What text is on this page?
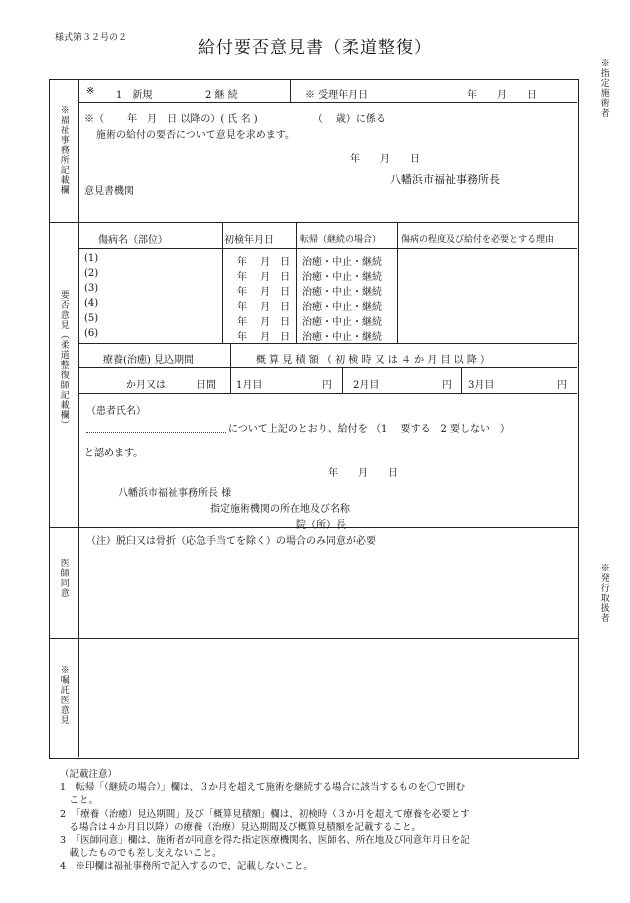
様式第３２号の２	給付要否意見書（柔道整復）
※指定施術者
※発行取扱者
※福祉事務所記載欄
※ 1　新規	2 継 続	※ 受理年月日	年　　月　　日
※（　　 年　月　日 以降の）( 氏 名 )　　　　　　（　 歳）に係る
施術の給付の要否について意見を求めます。
年　　月　　日
八幡浜市福祉事務所長
意見書機関
要否意見（柔道整復師記載欄）
傷病名（部位）	初検年月日	転帰（継続の場合） 傷病の程度及び給付を必要とする理由
(1)	年　 月　日 治癒・中止・継続
(2)	年　 月　日 治癒・中止・継続
(3)	年　 月　日 治癒・中止・継続
(4)	年　 月　日 治癒・中止・継続
(5)	年　 月　日 治癒・中止・継続
(6)	年　 月　日 治癒・中止・継続
療養(治癒) 見込期間	概 算 見 積 額 （ 初 検 時 又 は ４ か 月 目 以 降 ）
か月又は　　　日間 1月目	円 2月目	円 3月目	円
（患者氏名）
について上記のとおり、給付を （1　 要する　2 要しない　）
と認めます。
年　　月　　日
八幡浜市福祉事務所長 様
指定施術機関の所在地及び名称
院（所）長
医師同意
（注）脱臼又は骨折（応急手当てを除く）の場合のみ同意が必要
※嘱託医意見
（記載注意）
1　転帰「（継続の場合）」欄は、３か月を超えて施術を継続する場合に該当するものを〇で囲む
　こと。
2　「療養（治癒）見込期間」及び「概算見積額」欄は、初検時（３か月を超えて療養を必要とす
　る場合は４か月目以降）の療養（治療）見込期間及び概算見積額を記載すること。
3　「医師同意」欄は、施術者が同意を得た指定医療機関名、医師名、所在地及び同意年月日を記
　載したものでも差し支えないこと。
4　※印欄は福祉事務所で記入するので、記載しないこと。
